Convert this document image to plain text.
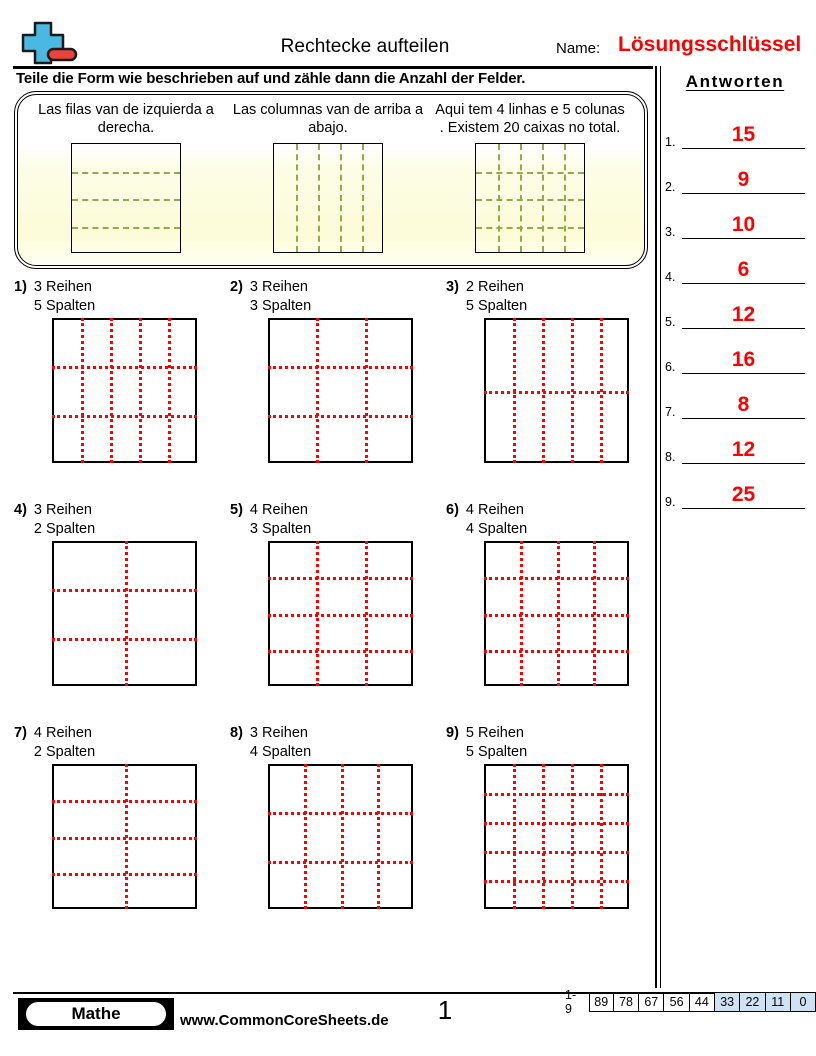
Rechtecke aufteilen	Name: Lösungsschlüssel
Teile die Form wie beschrieben auf und zähle dann die Anzahl der Felder.
Las filas van de izquierda a derecha.
Las columnas van de arriba a abajo.
Aqui tem 4 linhas e 5 colunas . Existem 20 caixas no total.
1) 3 Reihen
5 Spalten
2) 3 Reihen
3 Spalten
3) 2 Reihen
5 Spalten
4) 3 Reihen
2 Spalten
5) 4 Reihen
3 Spalten
6) 4 Reihen
4 Spalten
7) 4 Reihen
2 Spalten
8) 3 Reihen
4 Spalten
9) 5 Reihen
5 Spalten
Antworten
1.	15
2.	9
3.	10
4.	6
5.	12
6.	16
7.	8
8.	12
9.	25
Mathe	www.CommonCoreSheets.de	1	1-9	89 78 67 56 44 33 22 11	0
